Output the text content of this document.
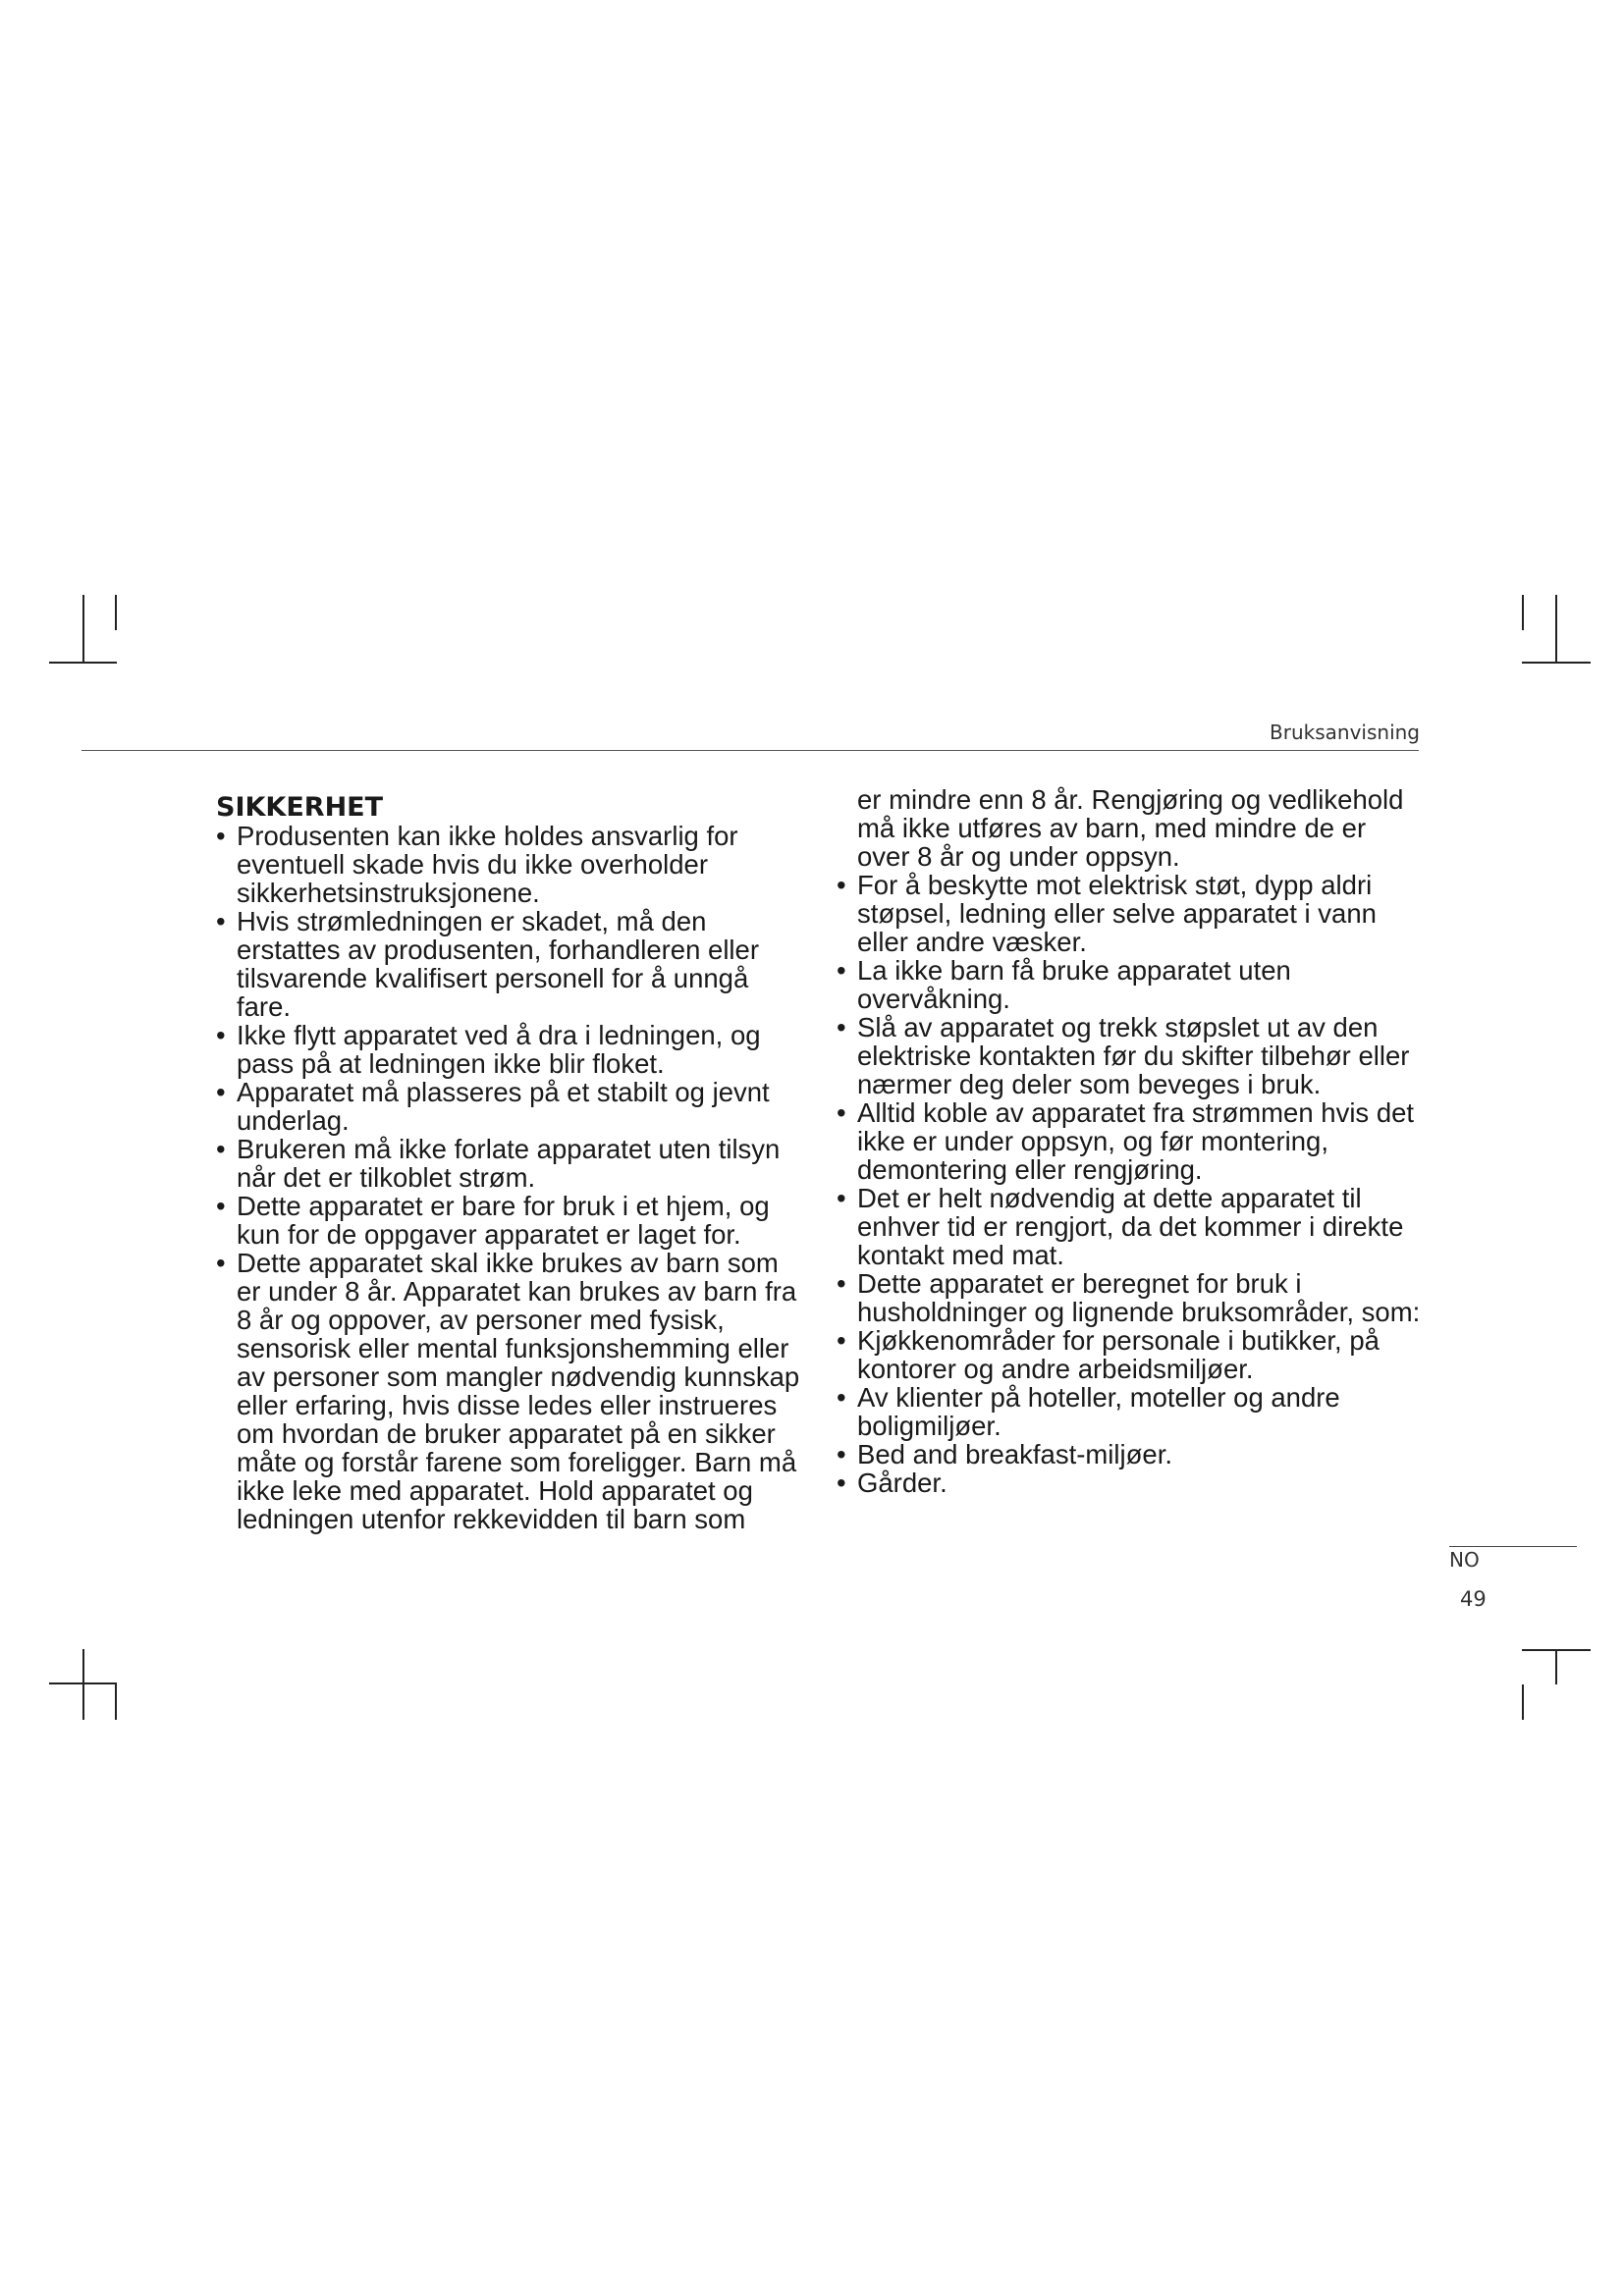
Bruksanvisning
SIKKERHET
• Produsenten kan ikke holdes ansvarlig for eventuell skade hvis du ikke overholder sikkerhetsinstruksjonene.
• Hvis strømledningen er skadet, må den erstattes av produsenten, forhandleren eller tilsvarende kvalifisert personell for å unngå fare.
• Ikke flytt apparatet ved å dra i ledningen, og pass på at ledningen ikke blir floket.
• Apparatet må plasseres på et stabilt og jevnt underlag.
• Brukeren må ikke forlate apparatet uten tilsyn når det er tilkoblet strøm.
• Dette apparatet er bare for bruk i et hjem, og kun for de oppgaver apparatet er laget for.
• Dette apparatet skal ikke brukes av barn som er under 8 år. Apparatet kan brukes av barn fra 8 år og oppover, av personer med fysisk, sensorisk eller mental funksjonshemming eller av personer som mangler nødvendig kunnskap eller erfaring, hvis disse ledes eller instrueres om hvordan de bruker apparatet på en sikker måte og forstår farene som foreligger. Barn må ikke leke med apparatet. Hold apparatet og ledningen utenfor rekkevidden til barn som
er mindre enn 8 år. Rengjøring og vedlikehold må ikke utføres av barn, med mindre de er over 8 år og under oppsyn.
• For å beskytte mot elektrisk støt, dypp aldri støpsel, ledning eller selve apparatet i vann eller andre væsker.
• La ikke barn få bruke apparatet uten overvåkning.
• Slå av apparatet og trekk støpslet ut av den elektriske kontakten før du skifter tilbehør eller nærmer deg deler som beveges i bruk.
• Alltid koble av apparatet fra strømmen hvis det ikke er under oppsyn, og før montering, demontering eller rengjøring.
• Det er helt nødvendig at dette apparatet til enhver tid er rengjort, da det kommer i direkte kontakt med mat.
• Dette apparatet er beregnet for bruk i husholdninger og lignende bruksområder, som:
• Kjøkkenområder for personale i butikker, på kontorer og andre arbeidsmiljøer.
• Av klienter på hoteller, moteller og andre boligmiljøer.
• Bed and breakfast-miljøer.
• Gårder.
NO
49
